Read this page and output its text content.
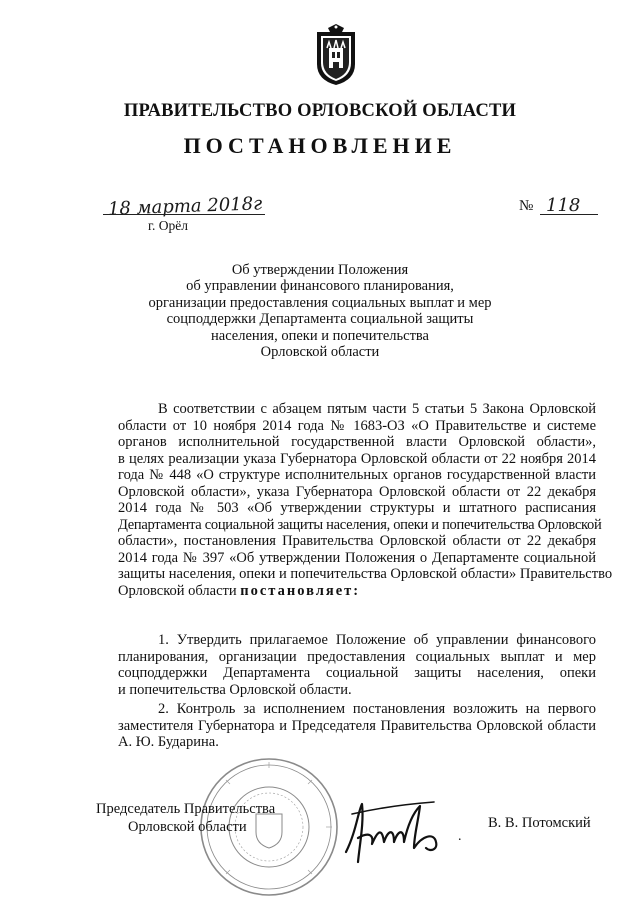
ПРАВИТЕЛЬСТВО ОРЛОВСКОЙ ОБЛАСТИ
ПОСТАНОВЛЕНИЕ
18 марта 2018г	№ 118
г. Орёл
Об утверждении Положения
об управлении финансового планирования,
организации предоставления социальных выплат и мер
соцподдержки Департамента социальной защиты
населения, опеки и попечительства
Орловской области
В соответствии с абзацем пятым части 5 статьи 5 Закона Орловской
области от 10 ноября 2014 года № 1683-ОЗ «О Правительстве и системе
органов исполнительной государственной власти Орловской области»,
в целях реализации указа Губернатора Орловской области от 22 ноября 2014
года № 448 «О структуре исполнительных органов государственной власти
Орловской области», указа Губернатора Орловской области от 22 декабря
2014 года № 503 «Об утверждении структуры и штатного расписания
Департамента социальной защиты населения, опеки и попечительства Орловской
области», постановления Правительства Орловской области от 22 декабря
2014 года № 397 «Об утверждении Положения о Департаменте социальной
защиты населения, опеки и попечительства Орловской области» Правительство
Орловской области постановляет:
1. Утвердить прилагаемое Положение об управлении финансового
планирования, организации предоставления социальных выплат и мер
соцподдержки Департамента социальной защиты населения, опеки
и попечительства Орловской области.
2. Контроль за исполнением постановления возложить на первого
заместителя Губернатора и Председателя Правительства Орловской области
А. Ю. Бударина.
Председатель Правительства
Орловской области
.
В. В. Потомский
